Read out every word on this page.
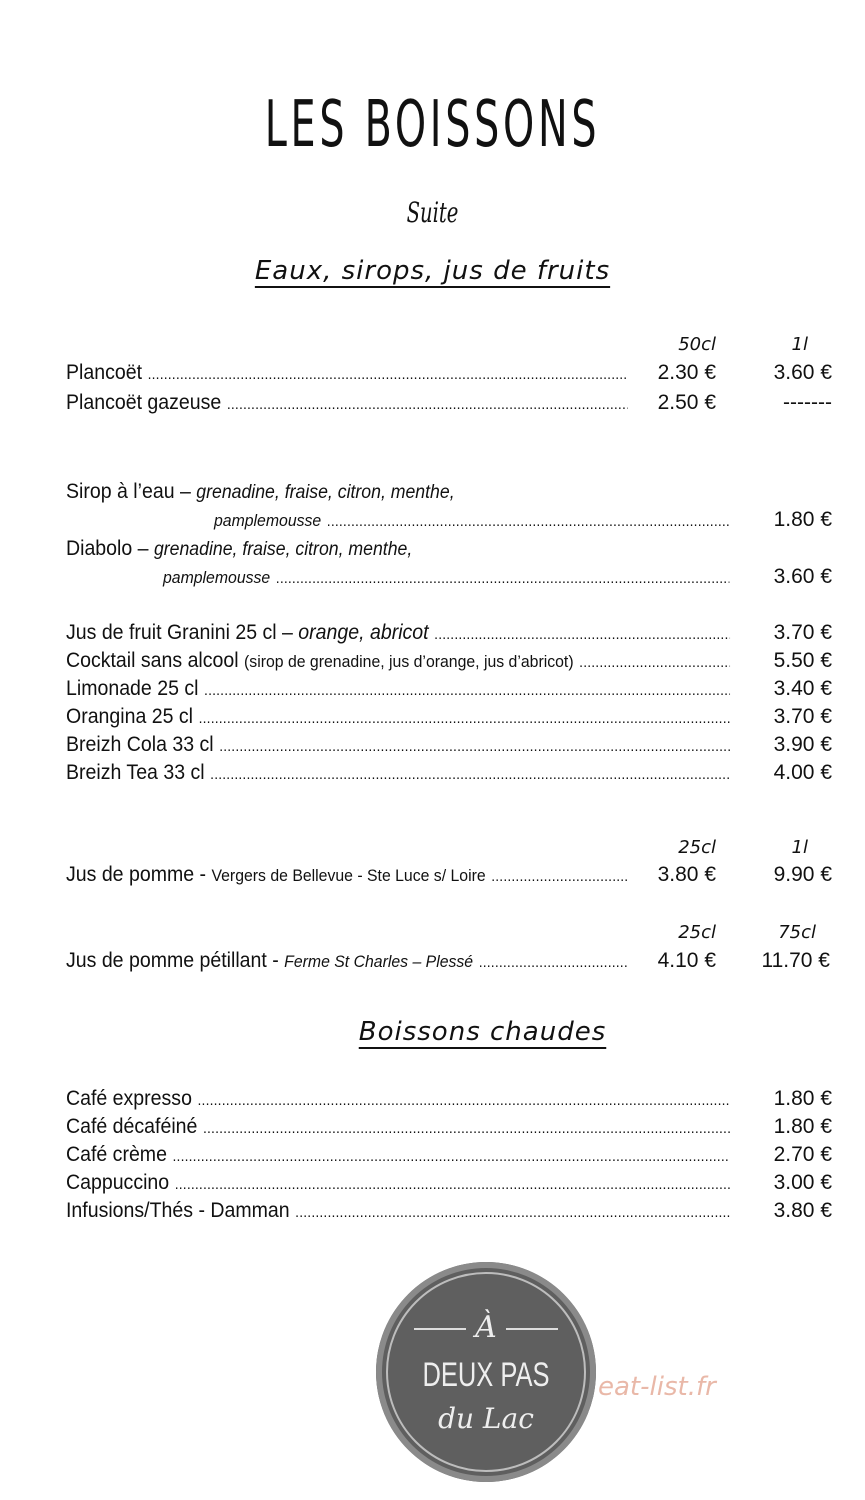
LES BOISSONS
Suite
Eaux, sirops, jus de fruits
50cl	1l
Plancoët . . .	2.30 €	3.60 €
Plancoët gazeuse . . .	2.50 €	-------
Sirop à l’eau – grenadine, fraise, citron, menthe,
pamplemousse . . .	1.80 €
Diabolo – grenadine, fraise, citron, menthe,
pamplemousse . . .	3.60 €
Jus de fruit Granini 25 cl – orange, abricot . . .	3.70 €
Cocktail sans alcool (sirop de grenadine, jus d’orange, jus d’abricot) . . .	5.50 €
Limonade 25 cl . . .	3.40 €
Orangina 25 cl . . .	3.70 €
Breizh Cola 33 cl . . .	3.90 €
Breizh Tea 33 cl . . .	4.00 €
25cl	1l
Jus de pomme - Vergers de Bellevue - Ste Luce s/ Loire . . .	3.80 €	9.90 €
25cl	75cl
Jus de pomme pétillant - Ferme St Charles – Plessé . . .	4.10 €	11.70 €
Boissons chaudes
Café expresso . . .	1.80 €
Café décaféiné . . .	1.80 €
Café crème . . .	2.70 €
Cappuccino . . .	3.00 €
Infusions/Thés - Damman . . .	3.80 €
À
DEUX PAS
du Lac
eat-list.fr
